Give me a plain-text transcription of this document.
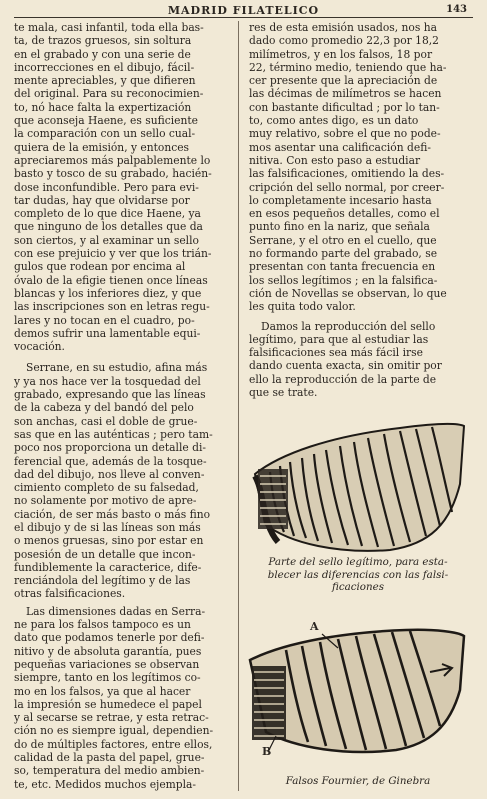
MADRID FILATELICO	143

te mala, casi infantil, toda ella bas-
ta, de trazos gruesos, sin soltura
en el grabado y con una serie de
incorrecciones en el dibujo, fácil-
mente apreciables, y que difieren
del original. Para su reconocimien-
to, nó hace falta la expertización
que aconseja Haene, es suficiente
la comparación con un sello cual-
quiera de la emisión, y entonces
apreciaremos más palpablemente lo
basto y tosco de su grabado, hacién-
dose inconfundible. Pero para evi-
tar dudas, hay que olvidarse por
completo de lo que dice Haene, ya
que ninguno de los detalles que da
son ciertos, y al examinar un sello
con ese prejuicio y ver que los trián-
gulos que rodean por encima al
óvalo de la efigie tienen once líneas
blancas y los inferiores diez, y que
las inscripciones son en letras regu-
lares y no tocan en el cuadro, po-
demos sufrir una lamentable equi-
vocación.

Serrane, en su estudio, afina más
y ya nos hace ver la tosquedad del
grabado, expresando que las líneas
de la cabeza y del bandó del pelo
son anchas, casi el doble de grue-
sas que en las auténticas ; pero tam-
poco nos proporciona un detalle di-
ferencial que, además de la tosque-
dad del dibujo, nos lleve al conven-
cimiento completo de su falsedad,
no solamente por motivo de apre-
ciación, de ser más basto o más fino
el dibujo y de si las líneas son más
o menos gruesas, sino por estar en
posesión de un detalle que incon-
fundiblemente la caracterice, dife-
renciándola del legítimo y de las
otras falsificaciones.

Las dimensiones dadas en Serra-
ne para los falsos tampoco es un
dato que podamos tenerle por defi-
nitivo y de absoluta garantía, pues
pequeñas variaciones se observan
siempre, tanto en los legítimos co-
mo en los falsos, ya que al hacer
la impresión se humedece el papel
y al secarse se retrae, y esta retrac-
ción no es siempre igual, dependien-
do de múltiples factores, entre ellos,
calidad de la pasta del papel, grue-
so, temperatura del medio ambien-
te, etc. Medidos muchos ejempla-

res de esta emisión usados, nos ha
dado como promedio 22,3 por 18,2
milímetros, y en los falsos, 18 por
22, término medio, teniendo que ha-
cer presente que la apreciación de
las décimas de milímetros se hacen
con bastante dificultad ; por lo tan-
to, como antes digo, es un dato
muy relativo, sobre el que no pode-
mos asentar una calificación defi-
nitiva. Con esto paso a estudiar
las falsificaciones, omitiendo la des-
cripción del sello normal, por creer-
lo completamente incesario hasta
en esos pequeños detalles, como el
punto fino en la nariz, que señala
Serrane, y el otro en el cuello, que
no formando parte del grabado, se
presentan con tanta frecuencia en
los sellos legítimos ; en la falsifica-
ción de Novellas se observan, lo que
les quita todo valor.

Damos la reproducción del sello
legítimo, para que al estudiar las
falsificaciones sea más fácil irse
dando cuenta exacta, sin omitir por
ello la reproducción de la parte de
que se trate.

Parte del sello legítimo, para esta-
blecer las diferencias con las falsi-
ficaciones
A
B
Falsos Fournier, de Ginebra
